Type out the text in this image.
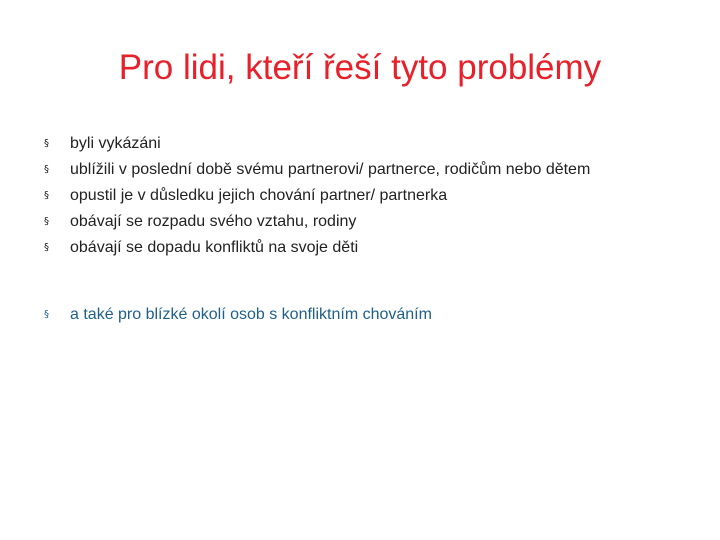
Pro lidi, kteří řeší tyto problémy
§	byli vykázáni
§	ublížili v poslední době svému partnerovi/ partnerce, rodičům nebo dětem
§	opustil je v důsledku jejich chování partner/ partnerka
§	obávají se rozpadu svého vztahu, rodiny
§	obávají se dopadu konfliktů na svoje děti
§	a také pro blízké okolí osob s konfliktním chováním
